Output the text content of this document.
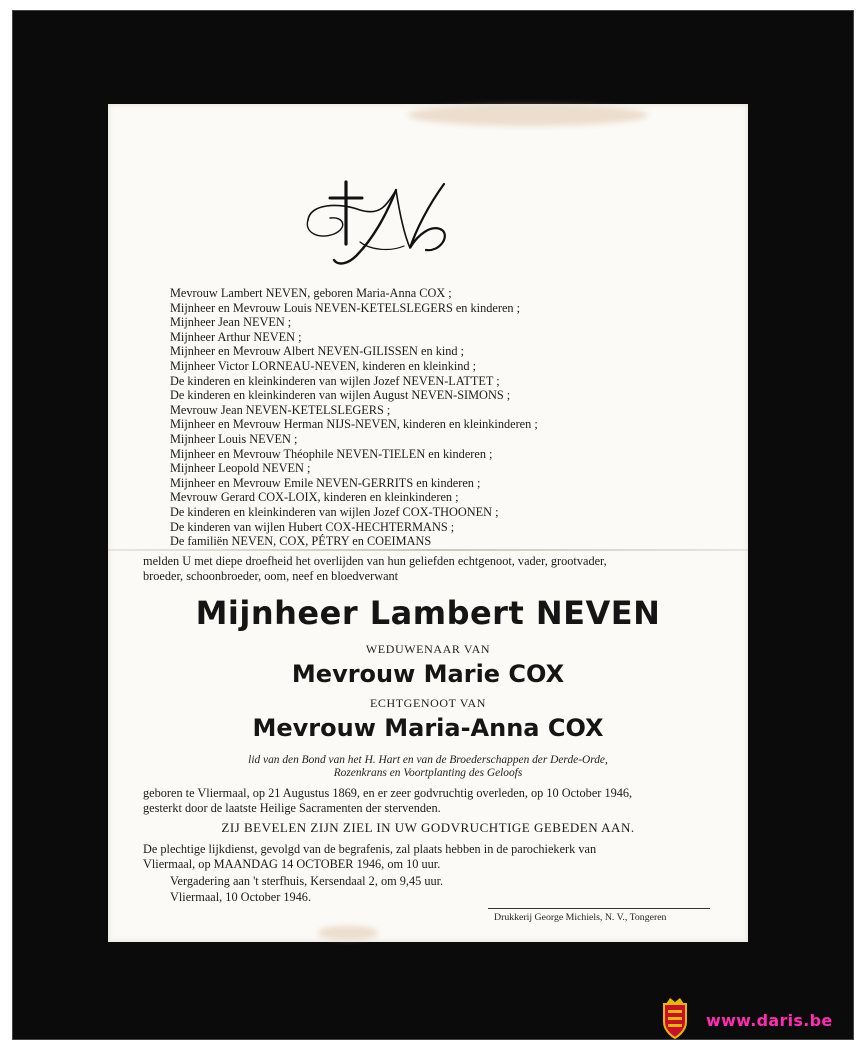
Mevrouw Lambert NEVEN, geboren Maria-Anna COX ;
Mijnheer en Mevrouw Louis NEVEN-KETELSLEGERS en kinderen ;
Mijnheer Jean NEVEN ;
Mijnheer Arthur NEVEN ;
Mijnheer en Mevrouw Albert NEVEN-GILISSEN en kind ;
Mijnheer Victor LORNEAU-NEVEN, kinderen en kleinkind ;
De kinderen en kleinkinderen van wijlen Jozef NEVEN-LATTET ;
De kinderen en kleinkinderen van wijlen August NEVEN-SIMONS ;
Mevrouw Jean NEVEN-KETELSLEGERS ;
Mijnheer en Mevrouw Herman NIJS-NEVEN, kinderen en kleinkinderen ;
Mijnheer Louis NEVEN ;
Mijnheer en Mevrouw Théophile NEVEN-TIELEN en kinderen ;
Mijnheer Leopold NEVEN ;
Mijnheer en Mevrouw Emile NEVEN-GERRITS en kinderen ;
Mevrouw Gerard COX-LOIX, kinderen en kleinkinderen ;
De kinderen en kleinkinderen van wijlen Jozef COX-THOONEN ;
De kinderen van wijlen Hubert COX-HECHTERMANS ;
De familiën NEVEN, COX, PÉTRY en COEIMANS
melden U met diepe droefheid het overlijden van hun geliefden echtgenoot, vader, grootvader,
broeder, schoonbroeder, oom, neef en bloedverwant
Mijnheer Lambert NEVEN
WEDUWENAAR VAN
Mevrouw Marie COX
ECHTGENOOT VAN
Mevrouw Maria-Anna COX
lid van den Bond van het H. Hart en van de Broederschappen der Derde-Orde,
Rozenkrans en Voortplanting des Geloofs
geboren te Vliermaal, op 21 Augustus 1869, en er zeer godvruchtig overleden, op 10 October 1946,
gesterkt door de laatste Heilige Sacramenten der stervenden.
ZIJ BEVELEN ZIJN ZIEL IN UW GODVRUCHTIGE GEBEDEN AAN.
De plechtige lijkdienst, gevolgd van de begrafenis, zal plaats hebben in de parochiekerk van
Vliermaal, op MAANDAG 14 OCTOBER 1946, om 10 uur.
Vergadering aan 't sterfhuis, Kersendaal 2, om 9,45 uur.
Vliermaal, 10 October 1946.
Drukkerij George Michiels, N. V., Tongeren
www.daris.be
